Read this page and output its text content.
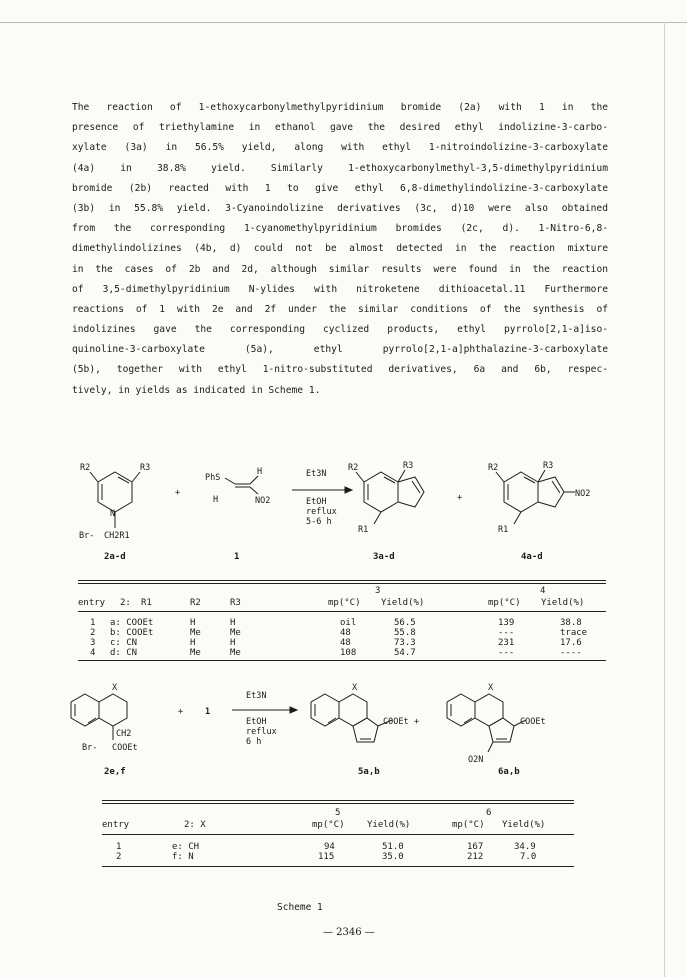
The reaction of 1-ethoxycarbonylmethylpyridinium bromide (2a) with 1 in the
presence of triethylamine in ethanol gave the desired ethyl indolizine-3-carbo-
xylate (3a) in 56.5% yield, along with ethyl 1-nitroindolizine-3-carboxylate
(4a) in 38.8% yield. Similarly 1-ethoxycarbonylmethyl-3,5-dimethylpyridinium
bromide (2b) reacted with 1 to give ethyl 6,8-dimethylindolizine-3-carboxylate
(3b) in 55.8% yield. 3-Cyanoindolizine derivatives (3c, d)10 were also obtained
from the corresponding 1-cyanomethylpyridinium bromides (2c, d). 1-Nitro-6,8-
dimethylindolizines (4b, d) could not be almost detected in the reaction mixture
in the cases of 2b and 2d, although similar results were found in the reaction
of 3,5-dimethylpyridinium N-ylides with nitroketene dithioacetal.11 Furthermore
reactions of 1 with 2e and 2f under the similar conditions of the synthesis of
indolizines gave the corresponding cyclized products, ethyl pyrrolo[2,1-a]iso-
quinoline-3-carboxylate (5a), ethyl pyrrolo[2,1-a]phthalazine-3-carboxylate
(5b), together with ethyl 1-nitro-substituted derivatives, 6a and 6b, respec-
tively, in yields as indicated in Scheme 1.
R2	R3
N
Br- CH2R1
+
PhS
H
H	NO2
Et3N
EtOH
reflux
5-6 h
R2	R3
R1
+
R2	R3
NO2
R1
2a-d	1	3a-d	4a-d
3	4
entry 2: R1	R2	R3	mp(°C) Yield(%)	mp(°C) Yield(%)
1 a: COOEt	H	H	oil	56.5	139	38.8
2 b: COOEt	Me	Me	48	55.8	---	trace
3 c: CN	H	H	48	73.3	231	17.6
4 d: CN	Me	Me	108	54.7	---	----
X
CH2
Br- COOEt
+	1
Et3N
EtOH
reflux
6 h
X
COOEt +
X
COOEt
O2N
2e,f	5a,b	6a,b
5	6
entry	2: X	mp(°C) Yield(%)	mp(°C) Yield(%)
1	e: CH	94	51.0	167	34.9
2	f: N	115	35.0	212	7.0
Scheme 1
— 2346 —
